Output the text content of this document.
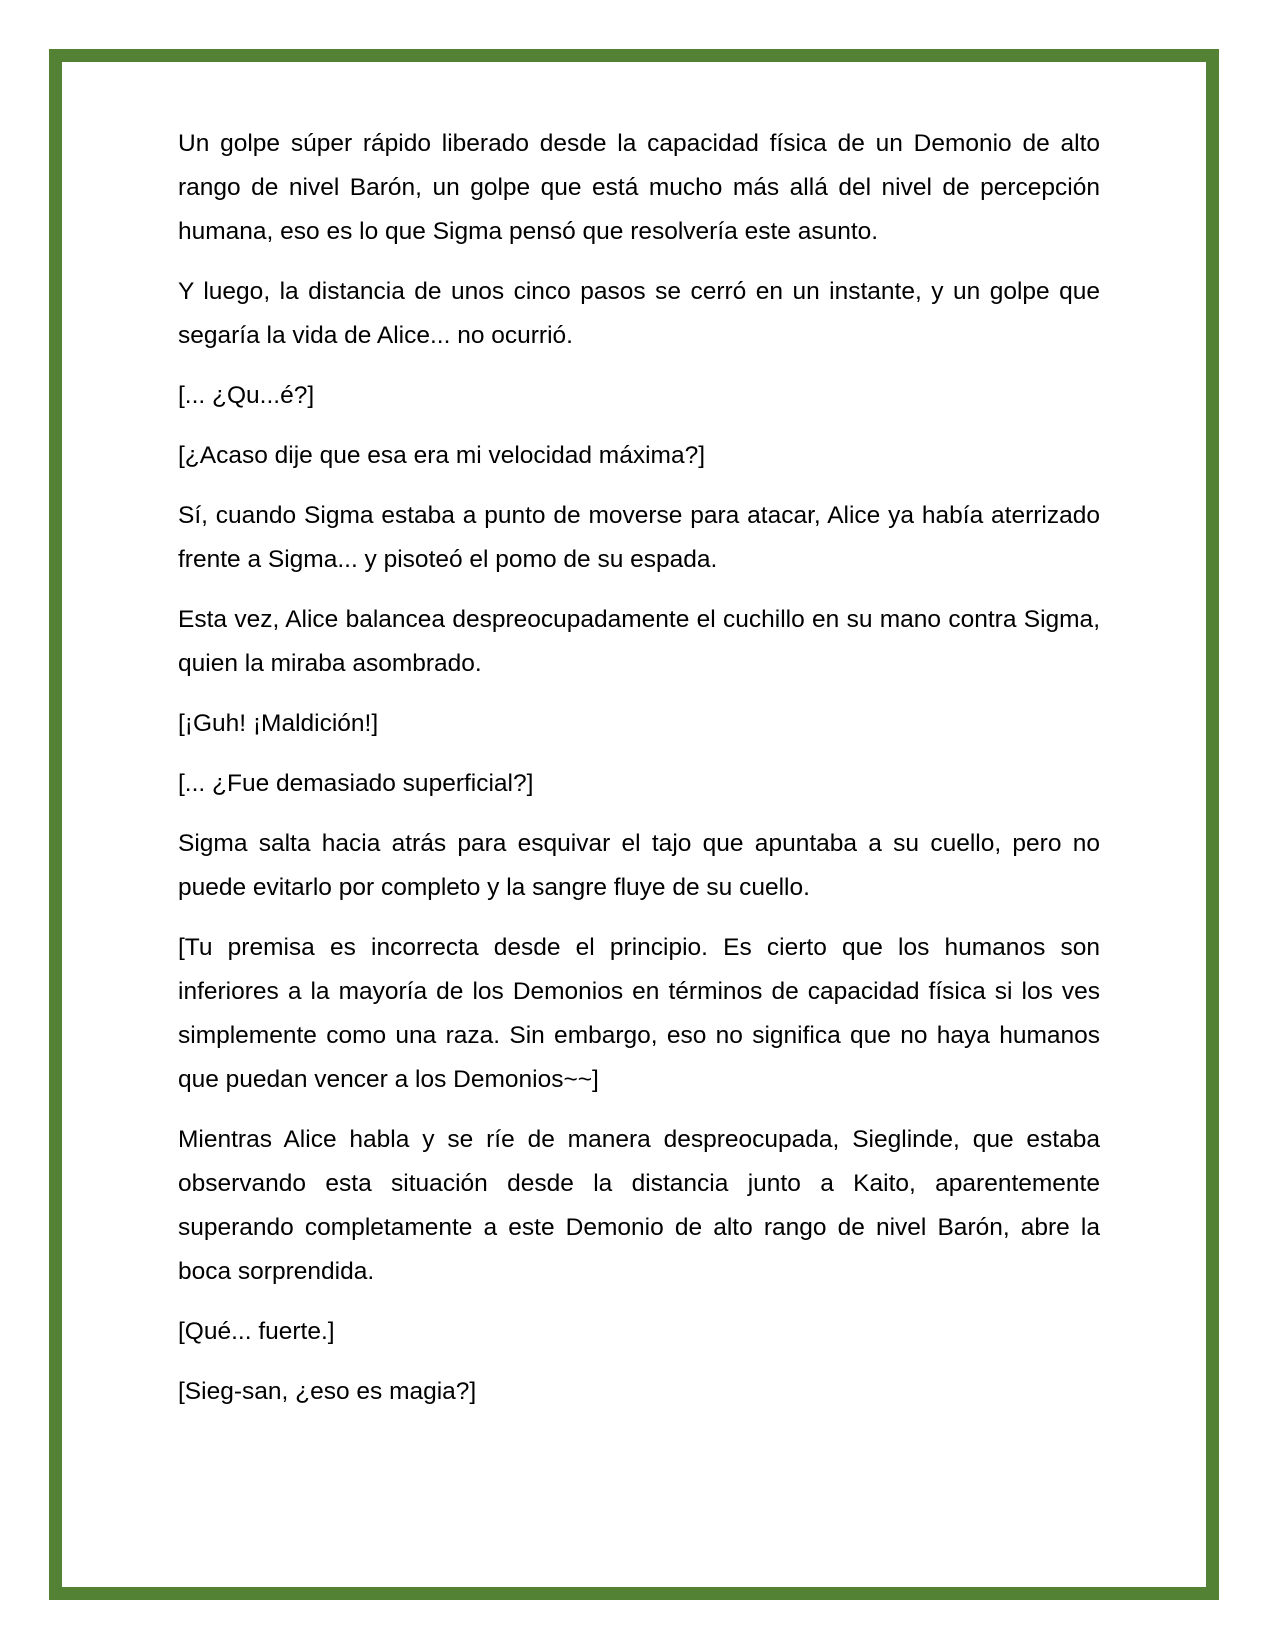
Un golpe súper rápido liberado desde la capacidad física de un Demonio de alto rango de nivel Barón, un golpe que está mucho más allá del nivel de percepción humana, eso es lo que Sigma pensó que resolvería este asunto.

Y luego, la distancia de unos cinco pasos se cerró en un instante, y un golpe que segaría la vida de Alice... no ocurrió.

[... ¿Qu...é?]

[¿Acaso dije que esa era mi velocidad máxima?]

Sí, cuando Sigma estaba a punto de moverse para atacar, Alice ya había aterrizado frente a Sigma... y pisoteó el pomo de su espada.

Esta vez, Alice balancea despreocupadamente el cuchillo en su mano contra Sigma, quien la miraba asombrado.

[¡Guh! ¡Maldición!]

[... ¿Fue demasiado superficial?]

Sigma salta hacia atrás para esquivar el tajo que apuntaba a su cuello, pero no puede evitarlo por completo y la sangre fluye de su cuello.

[Tu premisa es incorrecta desde el principio. Es cierto que los humanos son inferiores a la mayoría de los Demonios en términos de capacidad física si los ves simplemente como una raza. Sin embargo, eso no significa que no haya humanos que puedan vencer a los Demonios~~]

Mientras Alice habla y se ríe de manera despreocupada, Sieglinde, que estaba observando esta situación desde la distancia junto a Kaito, aparentemente superando completamente a este Demonio de alto rango de nivel Barón, abre la boca sorprendida.

[Qué... fuerte.]

[Sieg-san, ¿eso es magia?]
